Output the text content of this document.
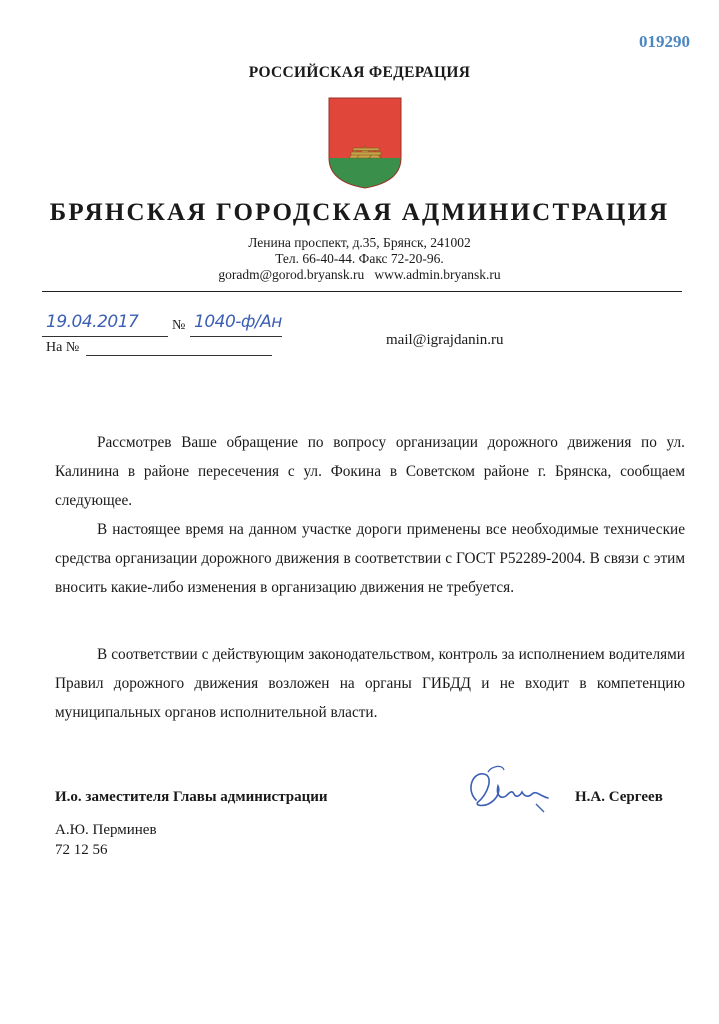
019290
РОССИЙСКАЯ ФЕДЕРАЦИЯ
БРЯНСКАЯ ГОРОДСКАЯ АДМИНИСТРАЦИЯ
Ленина проспект, д.35, Брянск, 241002
Тел. 66-40-44. Факс 72-20-96.
goradm@gorod.bryansk.ru www.admin.bryansk.ru
19.04.2017 № 1040-ф/Ан
На №	mail@igrajdanin.ru

Рассмотрев Ваше обращение по вопросу организации дорожного движения по ул. Калинина в районе пересечения с ул. Фокина в Советском районе г. Брянска, сообщаем следующее.

В настоящее время на данном участке дороги применены все необходимые технические средства организации дорожного движения в соответствии с ГОСТ Р52289-2004. В связи с этим вносить какие-либо изменения в организацию движения не требуется.

В соответствии с действующим законодательством, контроль за исполнением водителями Правил дорожного движения возложен на органы ГИБДД и не входит в компетенцию муниципальных органов исполнительной власти.

И.о. заместителя Главы администрации	Н.А. Сергеев
А.Ю. Перминев
72 12 56
